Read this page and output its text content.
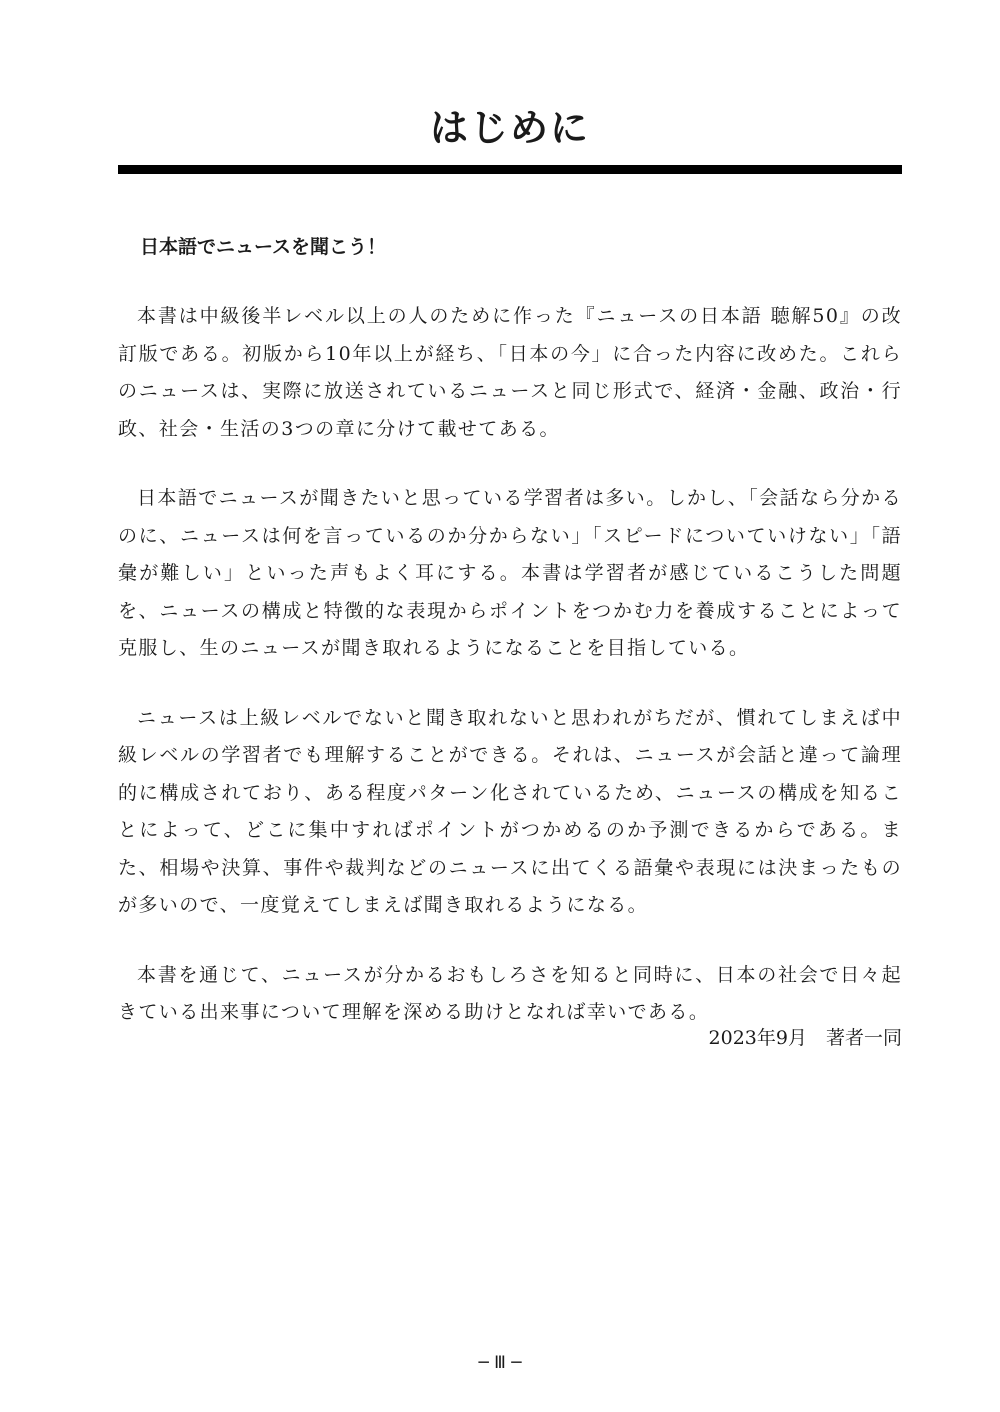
はじめに
日本語でニュースを聞こう！

本書は中級後半レベル以上の人のために作った『ニュースの日本語 聴解50』の改訂版である。初版から10年以上が経ち、「日本の今」に合った内容に改めた。これらのニュースは、実際に放送されているニュースと同じ形式で、経済・金融、政治・行政、社会・生活の3つの章に分けて載せてある。

日本語でニュースが聞きたいと思っている学習者は多い。しかし、「会話なら分かるのに、ニュースは何を言っているのか分からない」「スピードについていけない」「語彙が難しい」といった声もよく耳にする。本書は学習者が感じているこうした問題を、ニュースの構成と特徴的な表現からポイントをつかむ力を養成することによって克服し、生のニュースが聞き取れるようになることを目指している。

ニュースは上級レベルでないと聞き取れないと思われがちだが、慣れてしまえば中級レベルの学習者でも理解することができる。それは、ニュースが会話と違って論理的に構成されており、ある程度パターン化されているため、ニュースの構成を知ることによって、どこに集中すればポイントがつかめるのか予測できるからである。また、相場や決算、事件や裁判などのニュースに出てくる語彙や表現には決まったものが多いので、一度覚えてしまえば聞き取れるようになる。

本書を通じて、ニュースが分かるおもしろさを知ると同時に、日本の社会で日々起きている出来事について理解を深める助けとなれば幸いである。

2023年9月　著者一同

─ Ⅲ ─
